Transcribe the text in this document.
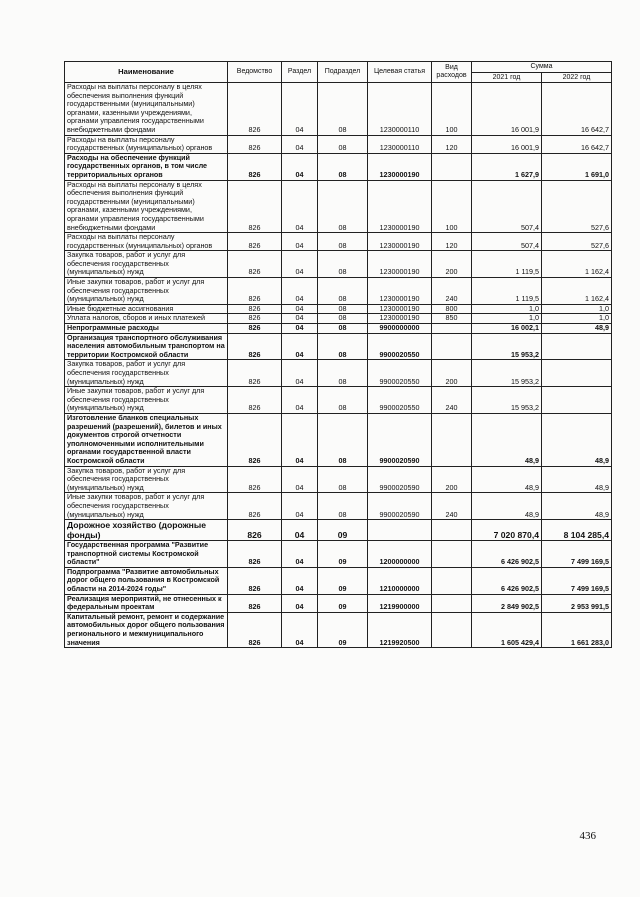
Наименование	Ведомство	Раздел	Подраздел	Целевая статья	Вид расходов	Сумма	
						2021 год	2022 год
Расходы на выплаты персоналу в целях обеспечения выполнения функций государственными (муниципальными) органами, казенными учреждениями, органами управления государственными внебюджетными фондами	826	04	08	1230000110	100	16 001,9	16 642,7
Расходы на выплаты персоналу государственных (муниципальных) органов	826	04	08	1230000110	120	16 001,9	16 642,7
Расходы на обеспечение функций государственных органов, в том числе территориальных органов	826	04	08	1230000190		1 627,9	1 691,0
Расходы на выплаты персоналу в целях обеспечения выполнения функций государственными (муниципальными) органами, казенными учреждениями, органами управления государственными внебюджетными фондами	826	04	08	1230000190	100	507,4	527,6
Расходы на выплаты персоналу государственных (муниципальных) органов	826	04	08	1230000190	120	507,4	527,6
Закупка товаров, работ и услуг для обеспечения государственных (муниципальных) нужд	826	04	08	1230000190	200	1 119,5	1 162,4
Иные закупки товаров, работ и услуг для обеспечения государственных (муниципальных) нужд	826	04	08	1230000190	240	1 119,5	1 162,4
Иные бюджетные ассигнования	826	04	08	1230000190	800	1,0	1,0
Уплата налогов, сборов и иных платежей	826	04	08	1230000190	850	1,0	1,0
Непрограммные расходы	826	04	08	9900000000		16 002,1	48,9
Организация транспортного обслуживания населения автомобильным транспортом на территории Костромской области	826	04	08	9900020550		15 953,2	
Закупка товаров, работ и услуг для обеспечения государственных (муниципальных) нужд	826	04	08	9900020550	200	15 953,2	
Иные закупки товаров, работ и услуг для обеспечения государственных (муниципальных) нужд	826	04	08	9900020550	240	15 953,2	
Изготовление бланков специальных разрешений (разрешений), билетов и иных документов строгой отчетности уполномоченными исполнительными органами государственной власти Костромской области	826	04	08	9900020590		48,9	48,9
Закупка товаров, работ и услуг для обеспечения государственных (муниципальных) нужд	826	04	08	9900020590	200	48,9	48,9
Иные закупки товаров, работ и услуг для обеспечения государственных (муниципальных) нужд	826	04	08	9900020590	240	48,9	48,9
Дорожное хозяйство (дорожные фонды)	826	04	09			7 020 870,4	8 104 285,4
Государственная программа "Развитие транспортной системы Костромской области"	826	04	09	1200000000		6 426 902,5	7 499 169,5
Подпрограмма "Развитие автомобильных дорог общего пользования в Костромской области на 2014-2024 годы"	826	04	09	1210000000		6 426 902,5	7 499 169,5
Реализация мероприятий, не отнесенных к федеральным проектам	826	04	09	1219900000		2 849 902,5	2 953 991,5
Капитальный ремонт, ремонт и содержание автомобильных дорог общего пользования регионального и межмуниципального значения	826	04	09	1219920500		1 605 429,4	1 661 283,0
436
